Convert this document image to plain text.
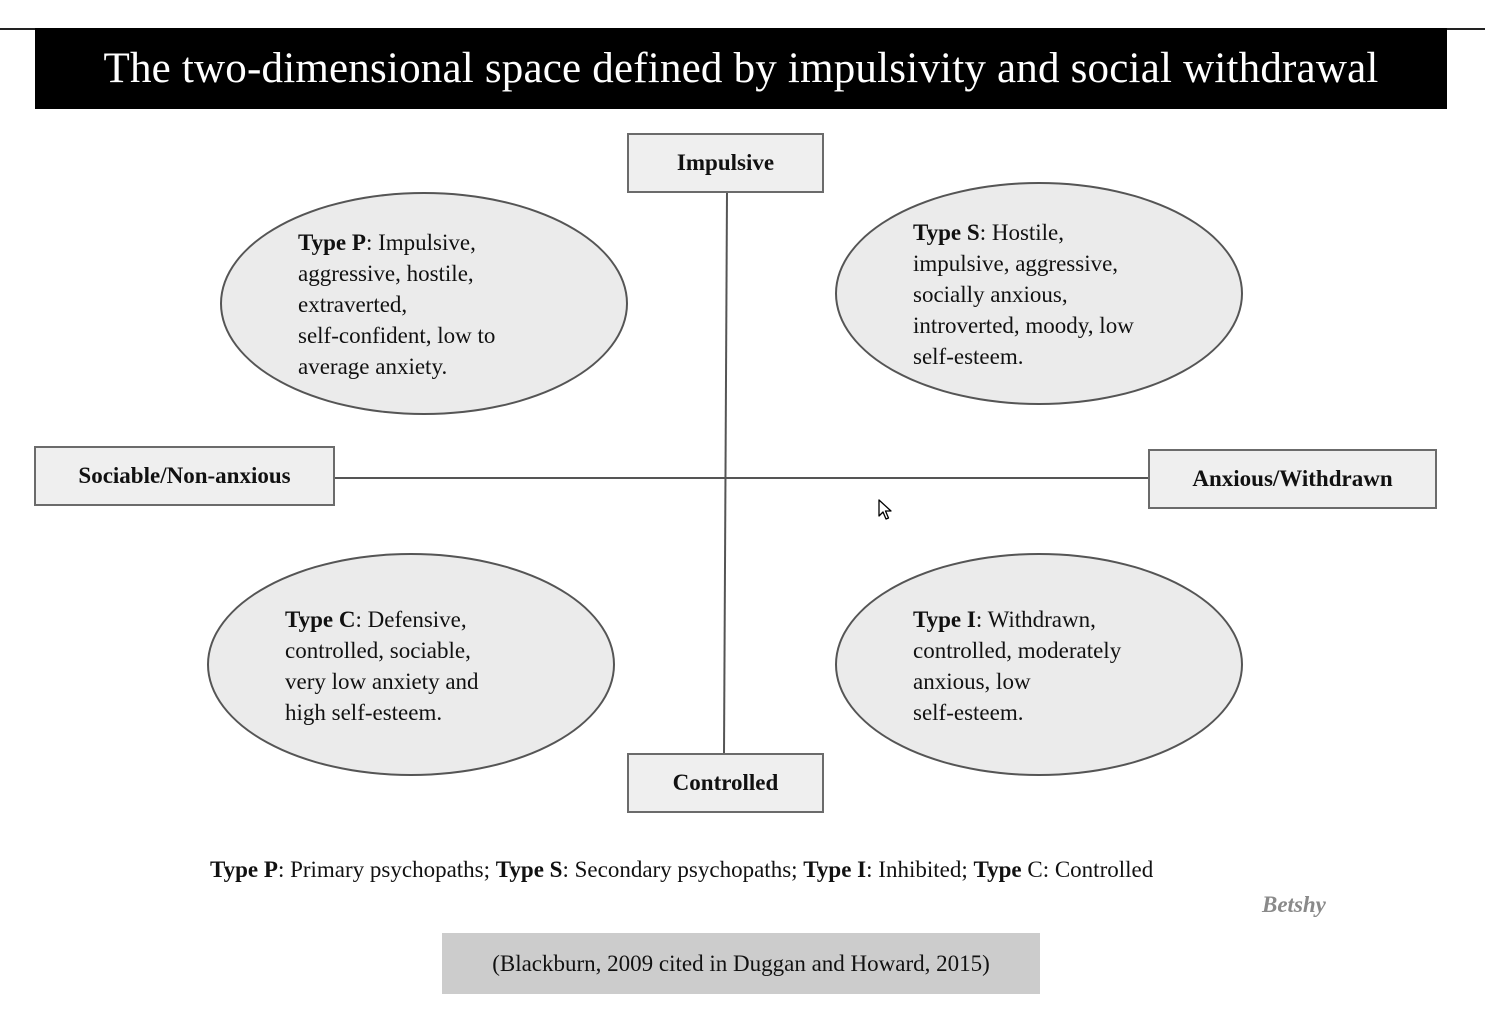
The two-dimensional space defined by impulsivity and social withdrawal
Impulsive
Controlled
Sociable/Non-anxious	Anxious/Withdrawn
Type P: Impulsive,
aggressive, hostile,
extraverted,
self-confident, low to
average anxiety.
Type S: Hostile,
impulsive, aggressive,
socially anxious,
introverted, moody, low
self-esteem.
Type C: Defensive,
controlled, sociable,
very low anxiety and
high self-esteem.
Type I: Withdrawn,
controlled, moderately
anxious, low
self-esteem.
Type P: Primary psychopaths; Type S: Secondary psychopaths; Type I: Inhibited; Type C: Controlled
Betshy
(Blackburn, 2009 cited in Duggan and Howard, 2015)
